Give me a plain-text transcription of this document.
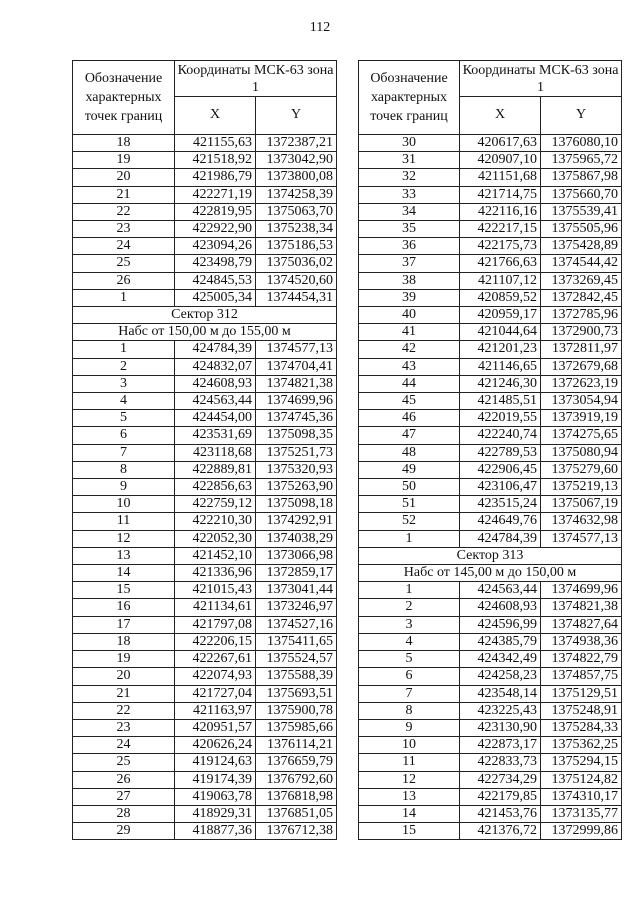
112
Обозначение характерных точек границ	Координаты МСК-63 зона 1	
	X	Y
18	421155,63	1372387,21
19	421518,92	1373042,90
20	421986,79	1373800,08
21	422271,19	1374258,39
22	422819,95	1375063,70
23	422922,90	1375238,34
24	423094,26	1375186,53
25	423498,79	1375036,02
26	424845,53	1374520,60
1	425005,34	1374454,31
Сектор 312		
Набс от 150,00 м до 155,00 м		
1	424784,39	1374577,13
2	424832,07	1374704,41
3	424608,93	1374821,38
4	424563,44	1374699,96
5	424454,00	1374745,36
6	423531,69	1375098,35
7	423118,68	1375251,73
8	422889,81	1375320,93
9	422856,63	1375263,90
10	422759,12	1375098,18
11	422210,30	1374292,91
12	422052,30	1374038,29
13	421452,10	1373066,98
14	421336,96	1372859,17
15	421015,43	1373041,44
16	421134,61	1373246,97
17	421797,08	1374527,16
18	422206,15	1375411,65
19	422267,61	1375524,57
20	422074,93	1375588,39
21	421727,04	1375693,51
22	421163,97	1375900,78
23	420951,57	1375985,66
24	420626,24	1376114,21
25	419124,63	1376659,79
26	419174,39	1376792,60
27	419063,78	1376818,98
28	418929,31	1376851,05
29	418877,36	1376712,38
Обозначение характерных точек границ	Координаты МСК-63 зона 1	
	X	Y
30	420617,63	1376080,10
31	420907,10	1375965,72
32	421151,68	1375867,98
33	421714,75	1375660,70
34	422116,16	1375539,41
35	422217,15	1375505,96
36	422175,73	1375428,89
37	421766,63	1374544,42
38	421107,12	1373269,45
39	420859,52	1372842,45
40	420959,17	1372785,96
41	421044,64	1372900,73
42	421201,23	1372811,97
43	421146,65	1372679,68
44	421246,30	1372623,19
45	421485,51	1373054,94
46	422019,55	1373919,19
47	422240,74	1374275,65
48	422789,53	1375080,94
49	422906,45	1375279,60
50	423106,47	1375219,13
51	423515,24	1375067,19
52	424649,76	1374632,98
1	424784,39	1374577,13
Сектор 313		
Набс от 145,00 м до 150,00 м		
1	424563,44	1374699,96
2	424608,93	1374821,38
3	424596,99	1374827,64
4	424385,79	1374938,36
5	424342,49	1374822,79
6	424258,23	1374857,75
7	423548,14	1375129,51
8	423225,43	1375248,91
9	423130,90	1375284,33
10	422873,17	1375362,25
11	422833,73	1375294,15
12	422734,29	1375124,82
13	422179,85	1374310,17
14	421453,76	1373135,77
15	421376,72	1372999,86
